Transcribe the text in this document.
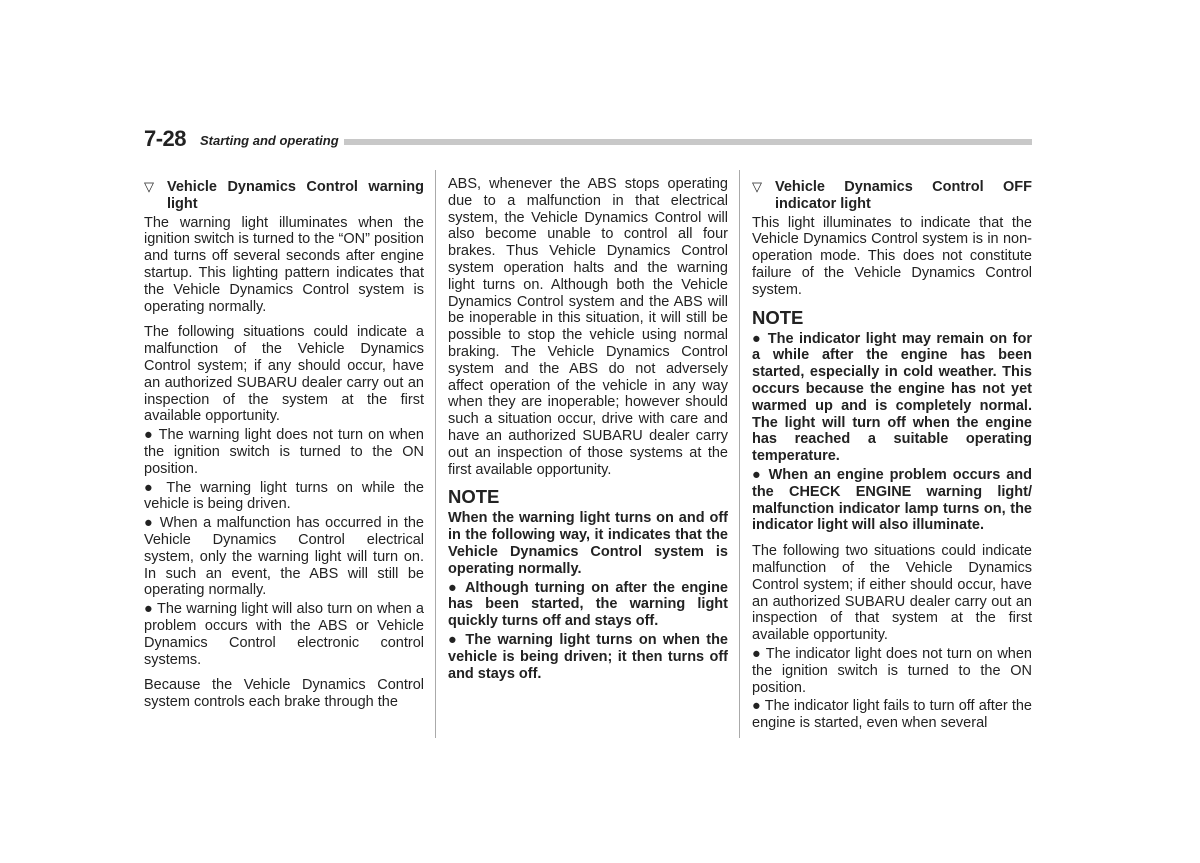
7-28 Starting and operating

▽ Vehicle Dynamics Control warning light

The warning light illuminates when the ignition switch is turned to the “ON” position and turns off several seconds after engine startup. This lighting pattern indicates that the Vehicle Dynamics Control system is operating normally.

The following situations could indicate a malfunction of the Vehicle Dynamics Control system; if any should occur, have an authorized SUBARU dealer carry out an inspection of the system at the first available opportunity.

● The warning light does not turn on when the ignition switch is turned to the ON position.

● The warning light turns on while the vehicle is being driven.

● When a malfunction has occurred in the Vehicle Dynamics Control electrical system, only the warning light will turn on. In such an event, the ABS will still be operating normally.

● The warning light will also turn on when a problem occurs with the ABS or Vehicle Dynamics Control electronic control systems.

Because the Vehicle Dynamics Control system controls each brake through the

ABS, whenever the ABS stops operating due to a malfunction in that electrical system, the Vehicle Dynamics Control will also become unable to control all four brakes. Thus Vehicle Dynamics Control system operation halts and the warning light turns on. Although both the Vehicle Dynamics Control system and the ABS will be inoperable in this situation, it will still be possible to stop the vehicle using normal braking. The Vehicle Dynamics Control system and the ABS do not adversely affect operation of the vehicle in any way when they are inoperable; however should such a situation occur, drive with care and have an authorized SUBARU dealer carry out an inspection of those systems at the first available opportunity.

NOTE

When the warning light turns on and off in the following way, it indicates that the Vehicle Dynamics Control system is operating normally.

● Although turning on after the engine has been started, the warning light quickly turns off and stays off.

● The warning light turns on when the vehicle is being driven; it then turns off and stays off.

▽ Vehicle Dynamics Control OFF indicator light

This light illuminates to indicate that the Vehicle Dynamics Control system is in non-operation mode. This does not constitute failure of the Vehicle Dynamics Control system.

NOTE

● The indicator light may remain on for a while after the engine has been started, especially in cold weather. This occurs because the engine has not yet warmed up and is completely normal. The light will turn off when the engine has reached a suitable operating temperature.

● When an engine problem occurs and the CHECK ENGINE warning light/ malfunction indicator lamp turns on, the indicator light will also illuminate.

The following two situations could indicate malfunction of the Vehicle Dynamics Control system; if either should occur, have an authorized SUBARU dealer carry out an inspection of that system at the first available opportunity.

● The indicator light does not turn on when the ignition switch is turned to the ON position.

● The indicator light fails to turn off after the engine is started, even when several
